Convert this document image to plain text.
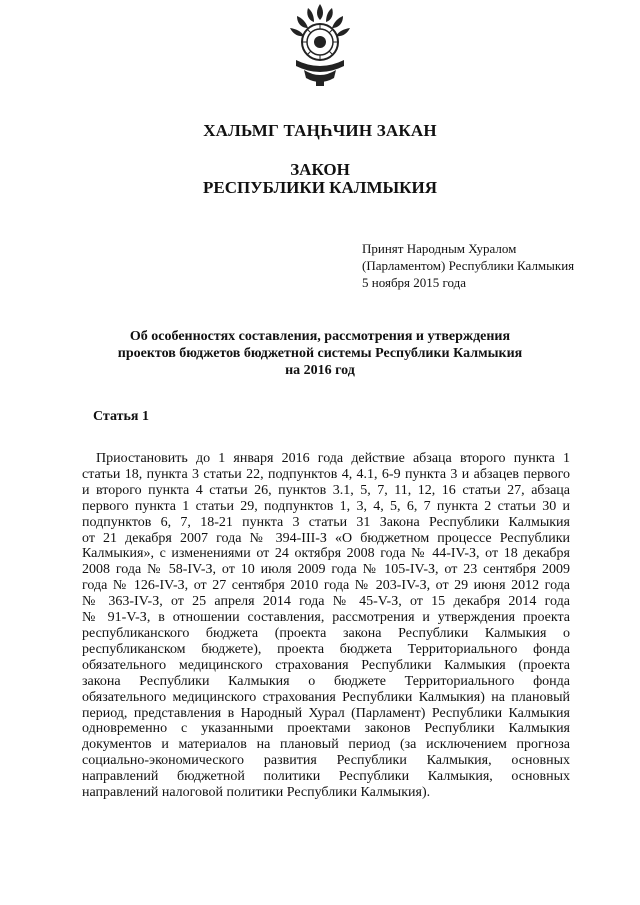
ХАЛЬМГ ТАҢҺЧИН ЗАКАН
ЗАКОН
РЕСПУБЛИКИ КАЛМЫКИЯ
Принят Народным Хуралом
(Парламентом) Республики Калмыкия
5 ноября 2015 года
Об особенностях составления, рассмотрения и утверждения
проектов бюджетов бюджетной системы Республики Калмыкия
на 2016 год
Статья 1
Приостановить до 1 января 2016 года действие абзаца второго пункта 1
статьи 18, пункта 3 статьи 22, подпунктов 4, 4.1, 6-9 пункта 3 и абзацев первого
и второго пункта 4 статьи 26, пунктов 3.1, 5, 7, 11, 12, 16 статьи 27, абзаца
первого пункта 1 статьи 29, подпунктов 1, 3, 4, 5, 6, 7 пункта 2 статьи 30 и
подпунктов 6, 7, 18-21 пункта 3 статьи 31 Закона Республики Калмыкия
от 21 декабря 2007 года № 394-III-З «О бюджетном процессе Республики
Калмыкия», с изменениями от 24 октября 2008 года № 44-IV-З, от 18 декабря
2008 года № 58-IV-З, от 10 июля 2009 года № 105-IV-З, от 23 сентября 2009
года № 126-IV-З, от 27 сентября 2010 года № 203-IV-З, от 29 июня 2012 года
№ 363-IV-З, от 25 апреля 2014 года № 45-V-З, от 15 декабря 2014 года
№ 91-V-З, в отношении составления, рассмотрения и утверждения проекта
республиканского бюджета (проекта закона Республики Калмыкия о
республиканском бюджете), проекта бюджета Территориального фонда
обязательного медицинского страхования Республики Калмыкия (проекта
закона Республики Калмыкия о бюджете Территориального фонда
обязательного медицинского страхования Республики Калмыкия) на плановый
период, представления в Народный Хурал (Парламент) Республики Калмыкия
одновременно с указанными проектами законов Республики Калмыкия
документов и материалов на плановый период (за исключением прогноза
социально-экономического развития Республики Калмыкия, основных
направлений бюджетной политики Республики Калмыкия, основных
направлений налоговой политики Республики Калмыкия).
